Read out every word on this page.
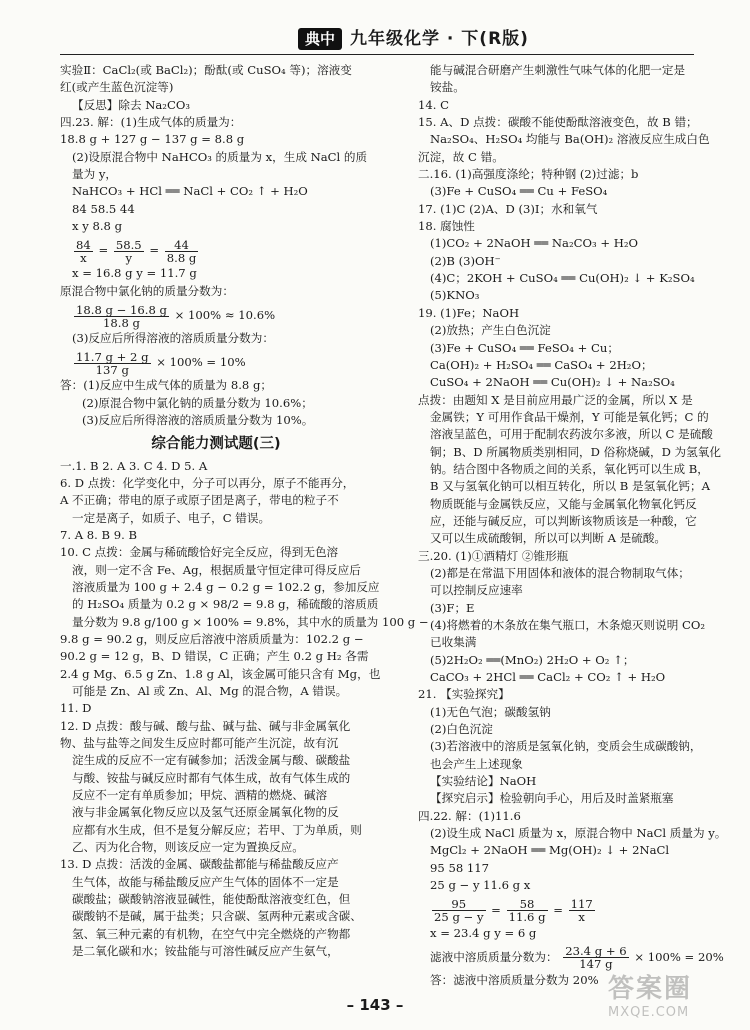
典中 九年级化学 · 下(R版)
实验Ⅱ：CaCl₂(或 BaCl₂)；酚酞(或 CuSO₄ 等)；溶液变
红(或产生蓝色沉淀等)
【反思】除去 Na₂CO₃
四.23. 解：(1)生成气体的质量为：
18.8 g + 127 g − 137 g = 8.8 g
(2)设原混合物中 NaHCO₃ 的质量为 x，生成 NaCl 的质
量为 y，
NaHCO₃ + HCl ══ NaCl + CO₂ ↑ + H₂O
84 58.5 44
x y 8.8 g
$\frac{84}{x} = \frac{58.5}{y} = \frac{44}{8.8 g}$
x = 16.8 g y = 11.7 g
原混合物中氯化钠的质量分数为：
$\frac{18.8 g - 16.8 g}{18.8 g} \times 100\% \approx 10.6\%$
(3)反应后所得溶液的溶质质量分数为：
$\frac{11.7 g + 2 g}{137 g} \times 100\% = 10\%$
答：(1)反应中生成气体的质量为 8.8 g；
(2)原混合物中氯化钠的质量分数为 10.6%；
(3)反应后所得溶液的溶质质量分数为 10%。
综合能力测试题(三)
一.1. B 2. A 3. C 4. D 5. A
6. D 点拨：化学变化中，分子可以再分，原子不能再分，
A 不正确；带电的原子或原子团是离子，带电的粒子不
一定是离子，如质子、电子，C 错误。
7. A 8. B 9. B
10. C 点拨：金属与稀硫酸恰好完全反应，得到无色溶
液，则一定不含 Fe、Ag，根据质量守恒定律可得反应后
溶液质量为 100 g + 2.4 g − 0.2 g = 102.2 g，参加反应
的 H₂SO₄ 质量为 0.2 g × 98/2 = 9.8 g，稀硫酸的溶质质
量分数为 9.8 g/100 g × 100% = 9.8%，其中水的质量为 100 g −
9.8 g = 90.2 g，则反应后溶液中溶质质量为：102.2 g −
90.2 g = 12 g，B、D 错误，C 正确；产生 0.2 g H₂ 各需
2.4 g Mg、6.5 g Zn、1.8 g Al，该金属可能只含有 Mg，也
可能是 Zn、Al 或 Zn、Al、Mg 的混合物，A 错误。
11. D
12. D 点拨：酸与碱、酸与盐、碱与盐、碱与非金属氧化
物、盐与盐等之间发生反应时都可能产生沉淀，故有沉
淀生成的反应不一定有碱参加；活泼金属与酸、碳酸盐
与酸、铵盐与碱反应时都有气体生成，故有气体生成的
反应不一定有单质参加；甲烷、酒精的燃烧、碱溶
液与非金属氧化物反应以及氢气还原金属氧化物的反
应都有水生成，但不是复分解反应；若甲、丁为单质，则
乙、丙为化合物，则该反应一定为置换反应。
13. D 点拨：活泼的金属、碳酸盐都能与稀盐酸反应产
生气体，故能与稀盐酸反应产生气体的固体不一定是
碳酸盐；碳酸钠溶液显碱性，能使酚酞溶液变红色，但
碳酸钠不是碱，属于盐类；只含碳、氢两种元素或含碳、
氢、氧三种元素的有机物，在空气中完全燃烧的产物都
是二氧化碳和水；铵盐能与可溶性碱反应产生氨气，
能与碱混合研磨产生刺激性气味气体的化肥一定是
铵盐。
14. C
15. A、D 点拨：碳酸不能使酚酞溶液变色，故 B 错；
Na₂SO₄、H₂SO₄ 均能与 Ba(OH)₂ 溶液反应生成白色
沉淀，故 C 错。
二.16. (1)高强度涤纶；特种钢 (2)过滤；b
(3)Fe + CuSO₄ ══ Cu + FeSO₄
17. (1)C (2)A、D (3)Ⅰ；水和氧气
18. 腐蚀性
(1)CO₂ + 2NaOH ══ Na₂CO₃ + H₂O
(2)B (3)OH⁻
(4)C；2KOH + CuSO₄ ══ Cu(OH)₂ ↓ + K₂SO₄
(5)KNO₃
19. (1)Fe；NaOH
(2)放热；产生白色沉淀
(3)Fe + CuSO₄ ══ FeSO₄ + Cu；
Ca(OH)₂ + H₂SO₄ ══ CaSO₄ + 2H₂O；
CuSO₄ + 2NaOH ══ Cu(OH)₂ ↓ + Na₂SO₄
点拨：由题知 X 是目前应用最广泛的金属，所以 X 是
金属铁；Y 可用作食品干燥剂，Y 可能是氧化钙；C 的
溶液呈蓝色，可用于配制农药波尔多液，所以 C 是硫酸
铜；B、D 所属物质类别相同，D 俗称烧碱，D 为氢氧化
钠。结合图中各物质之间的关系，氧化钙可以生成 B，
B 又与氢氧化钠可以相互转化，所以 B 是氢氧化钙；A
物质既能与金属铁反应，又能与金属氧化物氧化钙反
应，还能与碱反应，可以判断该物质该是一种酸，它
又可以生成硫酸铜，所以可以判断 A 是硫酸。
三.20. (1)①酒精灯 ②锥形瓶
(2)都是在常温下用固体和液体的混合物制取气体；
可以控制反应速率
(3)F；E
(4)将燃着的木条放在集气瓶口，木条熄灭则说明 CO₂
已收集满
(5)2H₂O₂ ══(MnO₂) 2H₂O + O₂ ↑；
CaCO₃ + 2HCl ══ CaCl₂ + CO₂ ↑ + H₂O
21. 【实验探究】
(1)无色气泡；碳酸氢钠
(2)白色沉淀
(3)若溶液中的溶质是氢氧化钠，变质会生成碳酸钠，
也会产生上述现象
【实验结论】NaOH
【探究启示】检验朝向手心，用后及时盖紧瓶塞
四.22. 解：(1)11.6
(2)设生成 NaCl 质量为 x，原混合物中 NaCl 质量为 y。
MgCl₂ + 2NaOH ══ Mg(OH)₂ ↓ + 2NaCl
95 58 117
25 g − y 11.6 g x
$\frac{95}{25 g - y} = \frac{58}{11.6 g} = \frac{117}{x}$
x = 23.4 g y = 6 g
滤液中溶质质量分数为： $\frac{23.4 g + 6}{147 g} \times 100\% = 20\%$
答：滤液中溶质质量分数为 20%
– 143 –
答案圈
MXQE.COM
